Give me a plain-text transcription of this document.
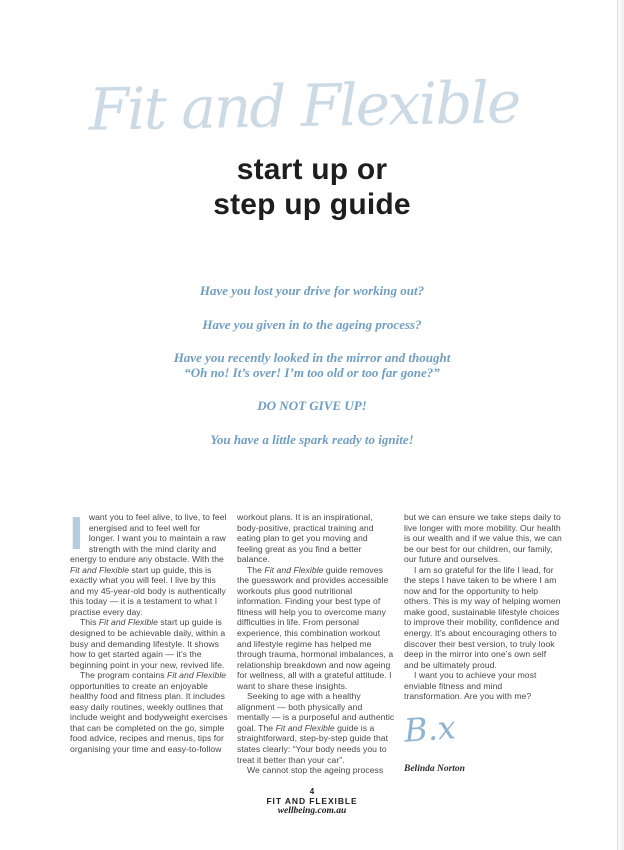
Fit and Flexible
start up or
step up guide
Have you lost your drive for working out?
Have you given in to the ageing process?
Have you recently looked in the mirror and thought
“Oh no! It’s over! I’m too old or too far gone?”
DO NOT GIVE UP!
You have a little spark ready to ignite!

Iwant you to feel alive, to live, to feel energised and to feel well for longer. I want you to maintain a raw strength with the mind clarity and energy to endure any obstacle. With the Fit and Flexible start up guide, this is exactly what you will feel. I live by this and my 45-year-old body is authentically this today — it is a testament to what I practise every day.

This Fit and Flexible start up guide is designed to be achievable daily, within a busy and demanding lifestyle. It shows how to get started again — it’s the beginning point in your new, revived life.

The program contains Fit and Flexible opportunities to create an enjoyable healthy food and fitness plan. It includes easy daily routines, weekly outlines that include weight and bodyweight exercises that can be completed on the go, simple food advice, recipes and menus, tips for organising your time and easy-to-follow

workout plans. It is an inspirational, body-positive, practical training and eating plan to get you moving and feeling great as you find a better balance.

The Fit and Flexible guide removes the guesswork and provides accessible workouts plus good nutritional information. Finding your best type of fitness will help you to overcome many difficulties in life. From personal experience, this combination workout and lifestyle regime has helped me through trauma, hormonal imbalances, a relationship breakdown and now ageing for wellness, all with a grateful attitude. I want to share these insights.

Seeking to age with a healthy alignment — both physically and mentally — is a purposeful and authentic goal. The Fit and Flexible guide is a straightforward, step-by-step guide that states clearly: “Your body needs you to treat it better than your car”.

We cannot stop the ageing process

but we can ensure we take steps daily to live longer with more mobility. Our health is our wealth and if we value this, we can be our best for our children, our family, our future and ourselves.

I am so grateful for the life I lead, for the steps I have taken to be where I am now and for the opportunity to help others. This is my way of helping women make good, sustainable lifestyle choices to improve their mobility, confidence and energy. It’s about encouraging others to discover their best version, to truly look deep in the mirror into one’s own self and be ultimately proud.

I want you to achieve your most enviable fitness and mind transformation. Are you with me?

B.x
Belinda Norton
4
FIT AND FLEXIBLE
wellbeing.com.au
